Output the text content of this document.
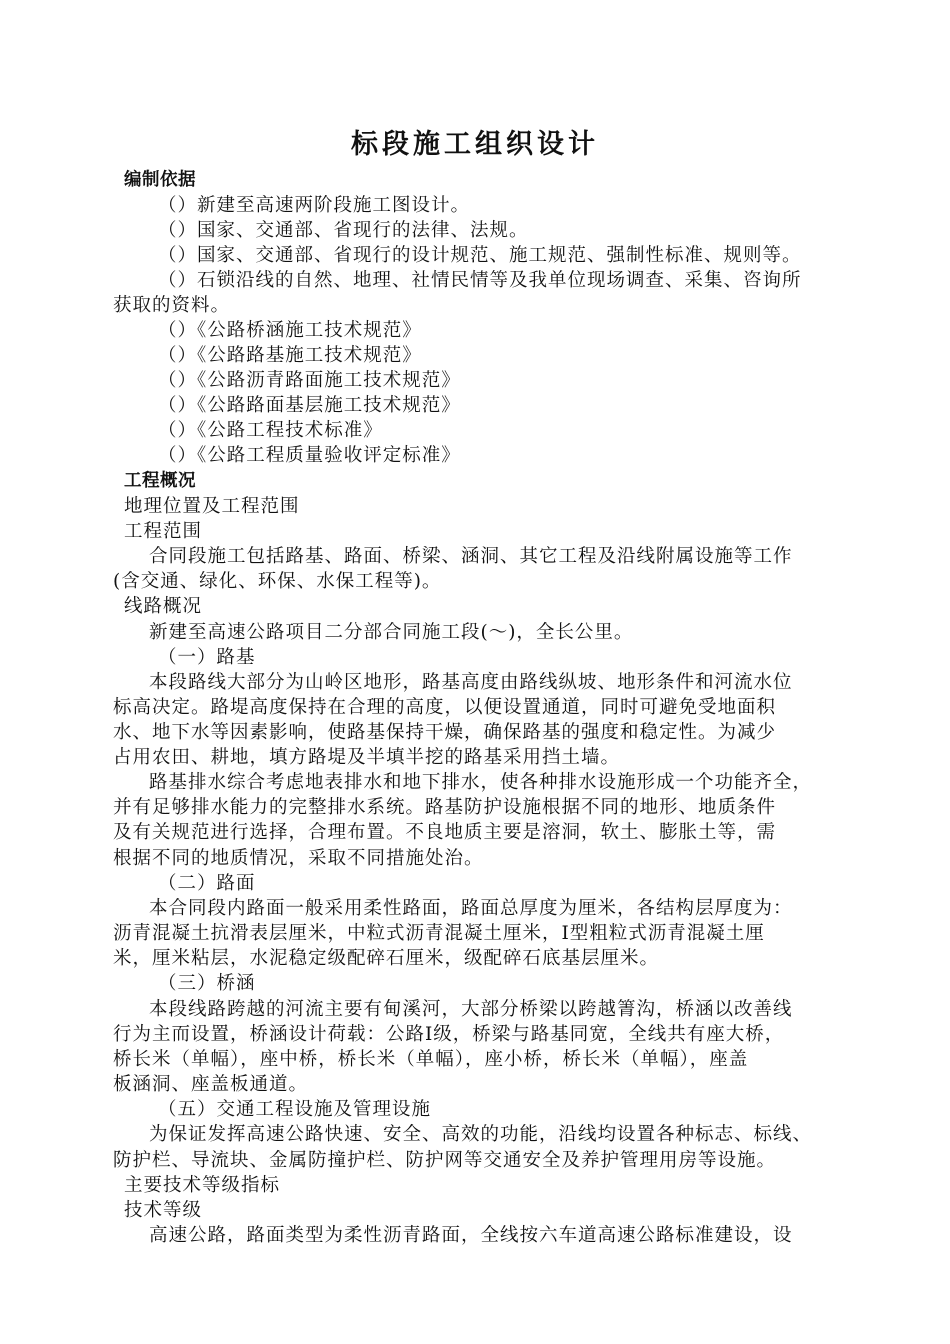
标段施工组织设计
编制依据
（）新建至高速两阶段施工图设计。
（）国家、交通部、省现行的法律、法规。
（）国家、交通部、省现行的设计规范、施工规范、强制性标准、规则等。
（）石锁沿线的自然、地理、社情民情等及我单位现场调查、采集、咨询所
获取的资料。
（）《公路桥涵施工技术规范》
（）《公路路基施工技术规范》
（）《公路沥青路面施工技术规范》
（）《公路路面基层施工技术规范》
（）《公路工程技术标准》
（）《公路工程质量验收评定标准》
工程概况
地理位置及工程范围
工程范围
合同段施工包括路基、路面、桥梁、涵洞、其它工程及沿线附属设施等工作
(含交通、绿化、环保、水保工程等)。
线路概况
新建至高速公路项目二分部合同施工段(～)，全长公里。
（一）路基
本段路线大部分为山岭区地形，路基高度由路线纵坡、地形条件和河流水位
标高决定。路堤高度保持在合理的高度，以便设置通道，同时可避免受地面积
水、地下水等因素影响，使路基保持干燥，确保路基的强度和稳定性。为减少
占用农田、耕地，填方路堤及半填半挖的路基采用挡土墙。
路基排水综合考虑地表排水和地下排水，使各种排水设施形成一个功能齐全，
并有足够排水能力的完整排水系统。路基防护设施根据不同的地形、地质条件
及有关规范进行选择，合理布置。不良地质主要是溶洞，软土、膨胀土等，需
根据不同的地质情况，采取不同措施处治。
（二）路面
本合同段内路面一般采用柔性路面，路面总厚度为厘米，各结构层厚度为：
沥青混凝土抗滑表层厘米，中粒式沥青混凝土厘米，Ⅰ型粗粒式沥青混凝土厘
米，厘米粘层，水泥稳定级配碎石厘米，级配碎石底基层厘米。
（三）桥涵
本段线路跨越的河流主要有甸溪河，大部分桥梁以跨越箐沟，桥涵以改善线
行为主而设置，桥涵设计荷载：公路Ⅰ级，桥梁与路基同宽，全线共有座大桥，
桥长米（单幅），座中桥，桥长米（单幅），座小桥，桥长米（单幅），座盖
板涵洞、座盖板通道。
（五）交通工程设施及管理设施
为保证发挥高速公路快速、安全、高效的功能，沿线均设置各种标志、标线、
防护栏、导流块、金属防撞护栏、防护网等交通安全及养护管理用房等设施。
主要技术等级指标
技术等级
高速公路，路面类型为柔性沥青路面，全线按六车道高速公路标准建设，设
